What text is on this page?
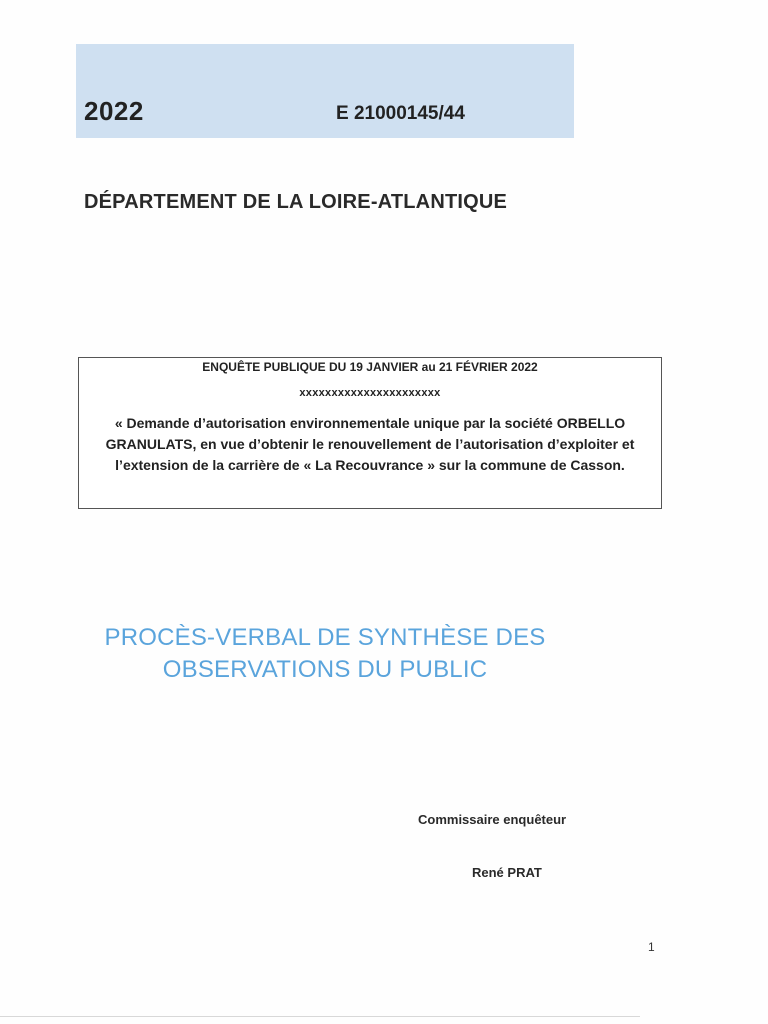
2022	E 21000145/44
DÉPARTEMENT DE LA LOIRE-ATLANTIQUE
ENQUÊTE PUBLIQUE DU 19 JANVIER au 21 FÉVRIER 2022
xxxxxxxxxxxxxxxxxxxxxx
« Demande d’autorisation environnementale unique par la société ORBELLO GRANULATS, en vue d’obtenir le renouvellement de l’autorisation d’exploiter et l’extension de la carrière de « La Recouvrance » sur la commune de Casson.
PROCÈS-VERBAL DE SYNTHÈSE DES
OBSERVATIONS DU PUBLIC
Commissaire enquêteur
René PRAT
1
